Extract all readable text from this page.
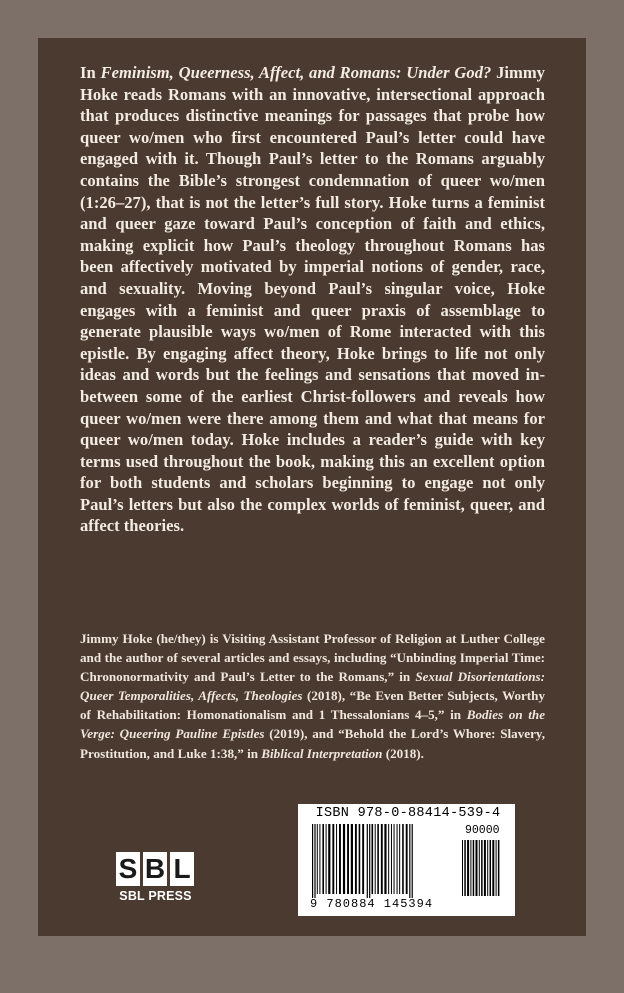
In Feminism, Queerness, Affect, and Romans: Under God? Jimmy Hoke reads Romans with an innovative, intersectional approach that produces distinctive meanings for passages that probe how queer wo/men who first encountered Paul’s letter could have engaged with it. Though Paul’s letter to the Romans arguably contains the Bible’s strongest condemnation of queer wo/men (1:26–27), that is not the letter’s full story. Hoke turns a feminist and queer gaze toward Paul’s conception of faith and ethics, making explicit how Paul’s theology throughout Romans has been affectively motivated by imperial notions of gender, race, and sexuality. Moving beyond Paul’s singular voice, Hoke engages with a feminist and queer praxis of assemblage to generate plausible ways wo/men of Rome interacted with this epistle. By engaging affect theory, Hoke brings to life not only ideas and words but the feelings and sensations that moved in-between some of the earliest Christ-followers and reveals how queer wo/men were there among them and what that means for queer wo/men today. Hoke includes a reader’s guide with key terms used throughout the book, making this an excellent option for both students and scholars beginning to engage not only Paul’s letters but also the complex worlds of feminist, queer, and affect theories.

Jimmy Hoke (he/they) is Visiting Assistant Professor of Religion at Luther College and the author of several articles and essays, including “Unbinding Imperial Time: Chrononormativity and Paul’s Letter to the Romans,” in Sexual Disorientations: Queer Temporalities, Affects, Theologies (2018), “Be Even Better Subjects, Worthy of Rehabilitation: Homonationalism and 1 Thessalonians 4–5,” in Bodies on the Verge: Queering Pauline Epistles (2019), and “Behold the Lord’s Whore: Slavery, Prostitution, and Luke 1:38,” in Biblical Interpretation (2018).

S B L
SBL PRESS
ISBN 978-0-88414-539-4
90000
9 780884 145394
